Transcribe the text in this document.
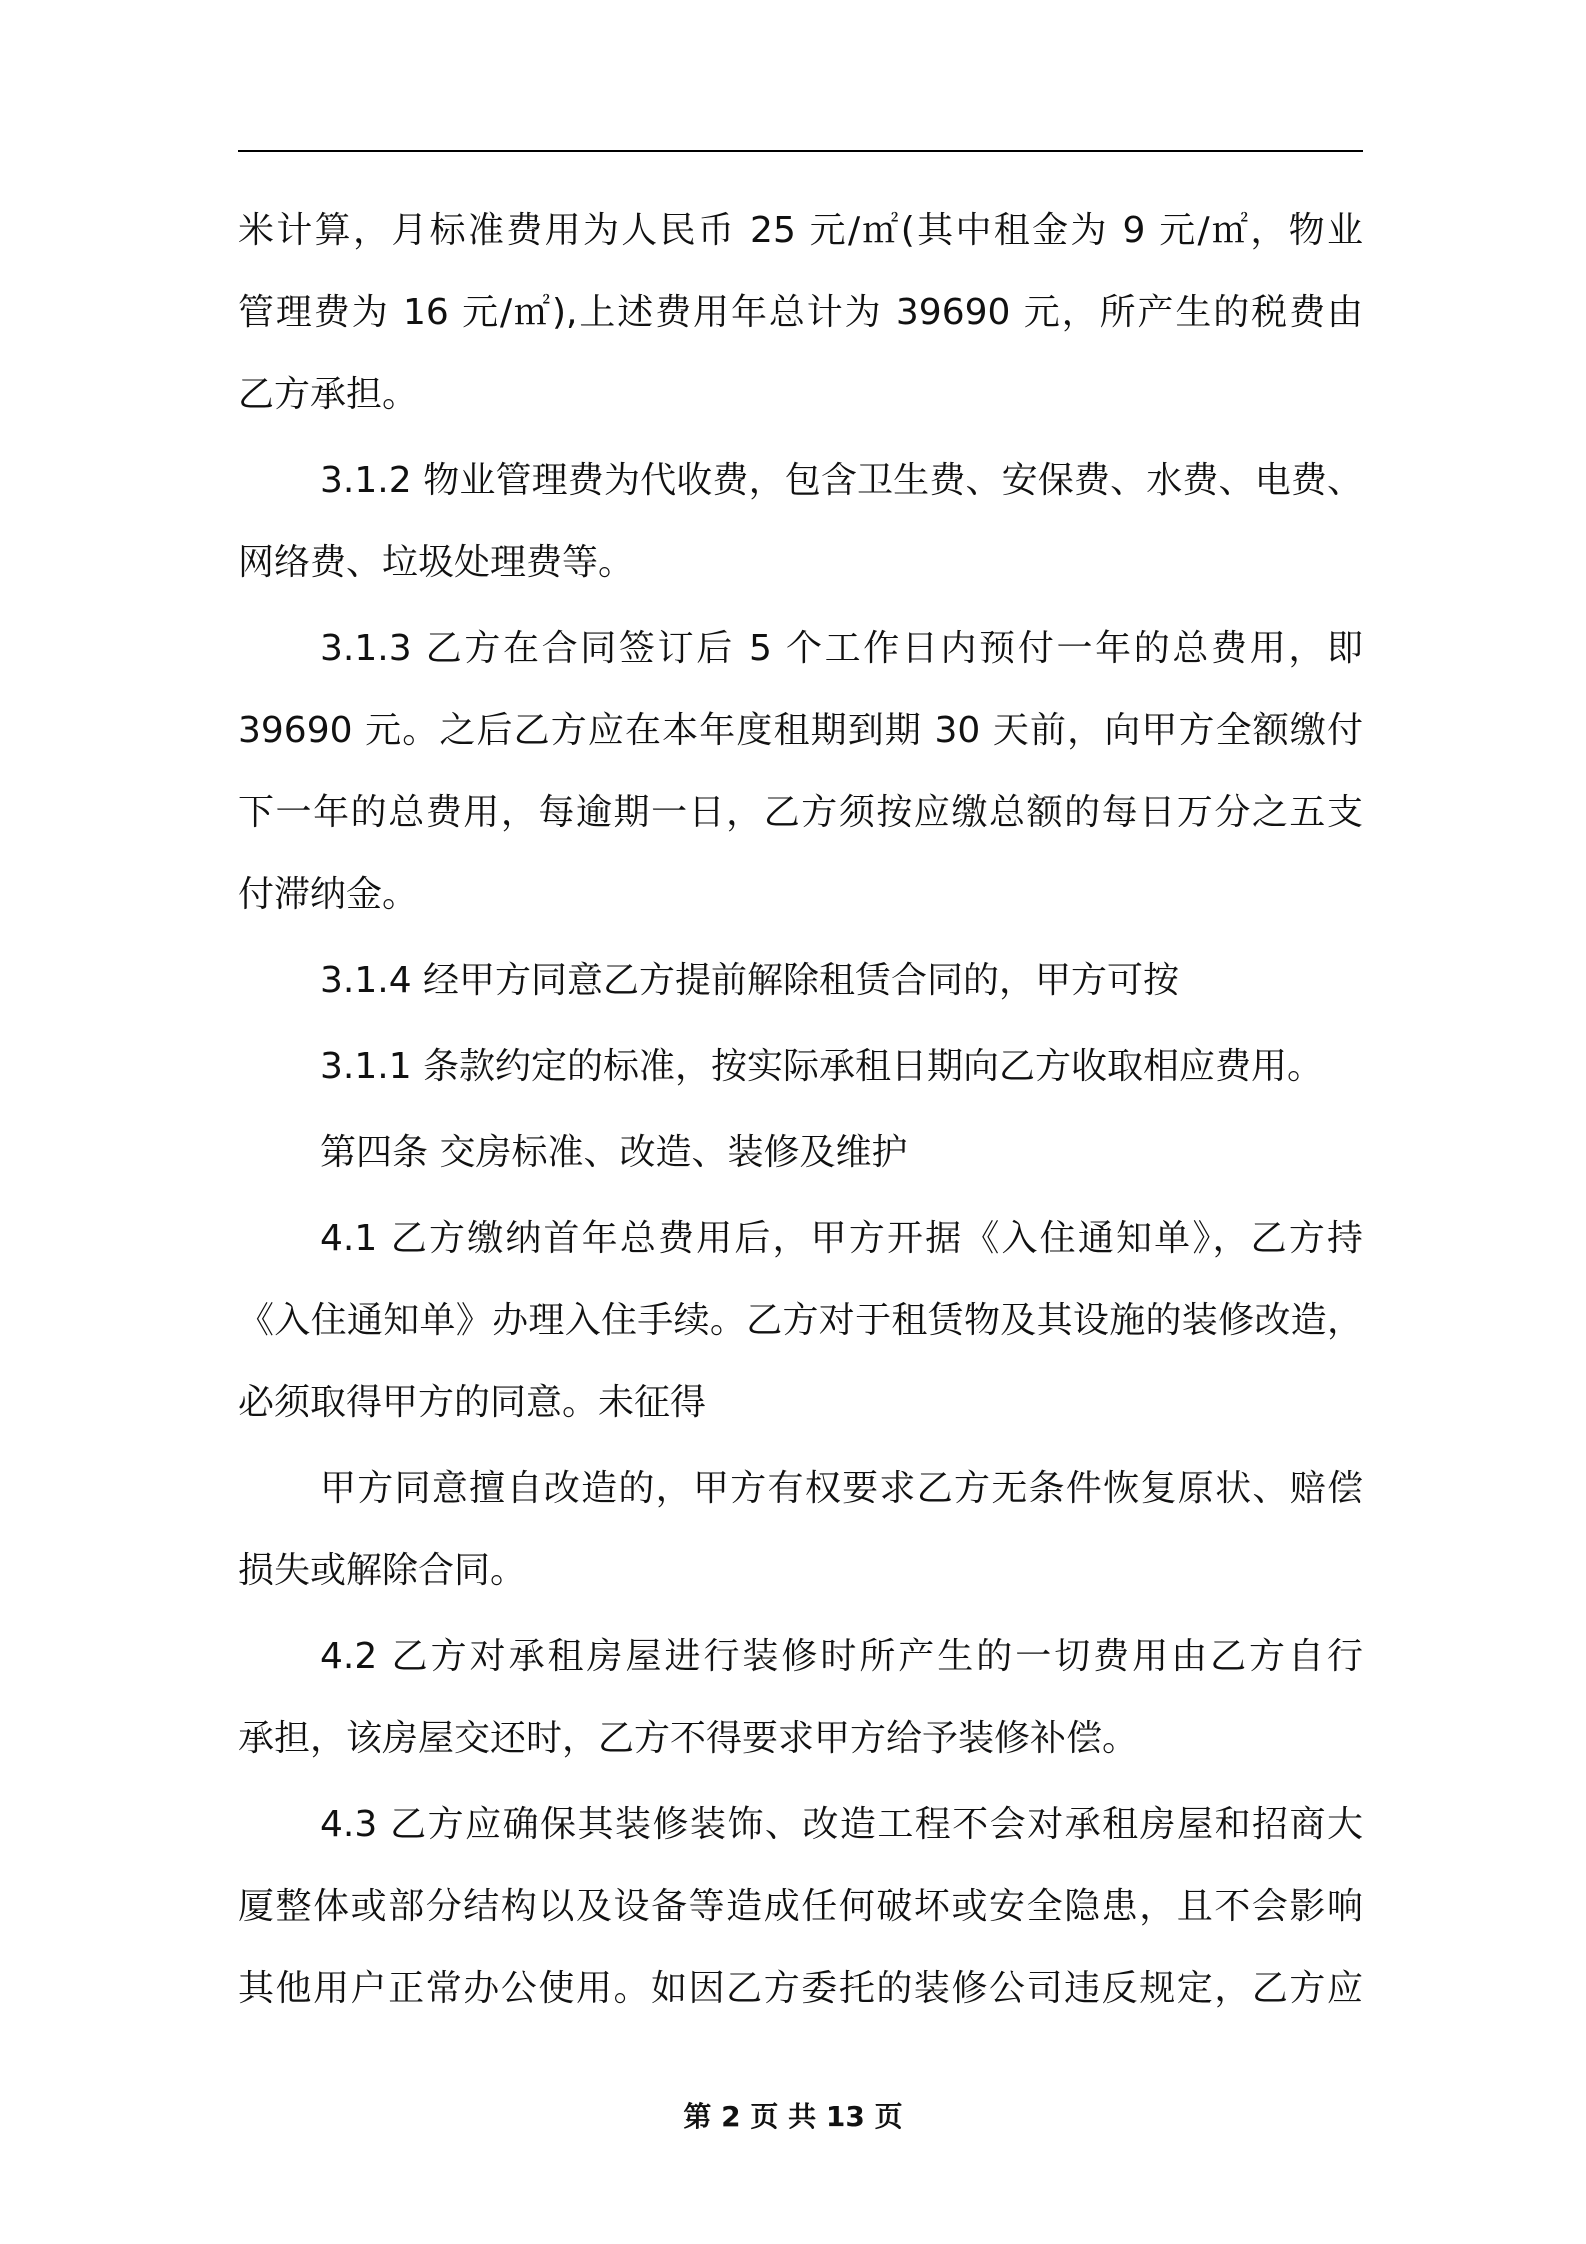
米计算，月标准费用为人民币 25 元/㎡(其中租金为 9 元/㎡，物业
管理费为 16 元/㎡),上述费用年总计为 39690 元，所产生的税费由
乙方承担。
3.1.2 物业管理费为代收费，包含卫生费、安保费、水费、电费、
网络费、垃圾处理费等。
3.1.3 乙方在合同签订后 5 个工作日内预付一年的总费用，即
39690 元。之后乙方应在本年度租期到期 30 天前，向甲方全额缴付
下一年的总费用，每逾期一日，乙方须按应缴总额的每日万分之五支
付滞纳金。
3.1.4 经甲方同意乙方提前解除租赁合同的，甲方可按
3.1.1 条款约定的标准，按实际承租日期向乙方收取相应费用。
第四条 交房标准、改造、装修及维护
4.1 乙方缴纳首年总费用后，甲方开据《入住通知单》，乙方持
《入住通知单》办理入住手续。乙方对于租赁物及其设施的装修改造，
必须取得甲方的同意。未征得
甲方同意擅自改造的，甲方有权要求乙方无条件恢复原状、赔偿
损失或解除合同。
4.2 乙方对承租房屋进行装修时所产生的一切费用由乙方自行
承担，该房屋交还时，乙方不得要求甲方给予装修补偿。
4.3 乙方应确保其装修装饰、改造工程不会对承租房屋和招商大
厦整体或部分结构以及设备等造成任何破坏或安全隐患，且不会影响
其他用户正常办公使用。如因乙方委托的装修公司违反规定，乙方应
第 2 页 共 13 页
